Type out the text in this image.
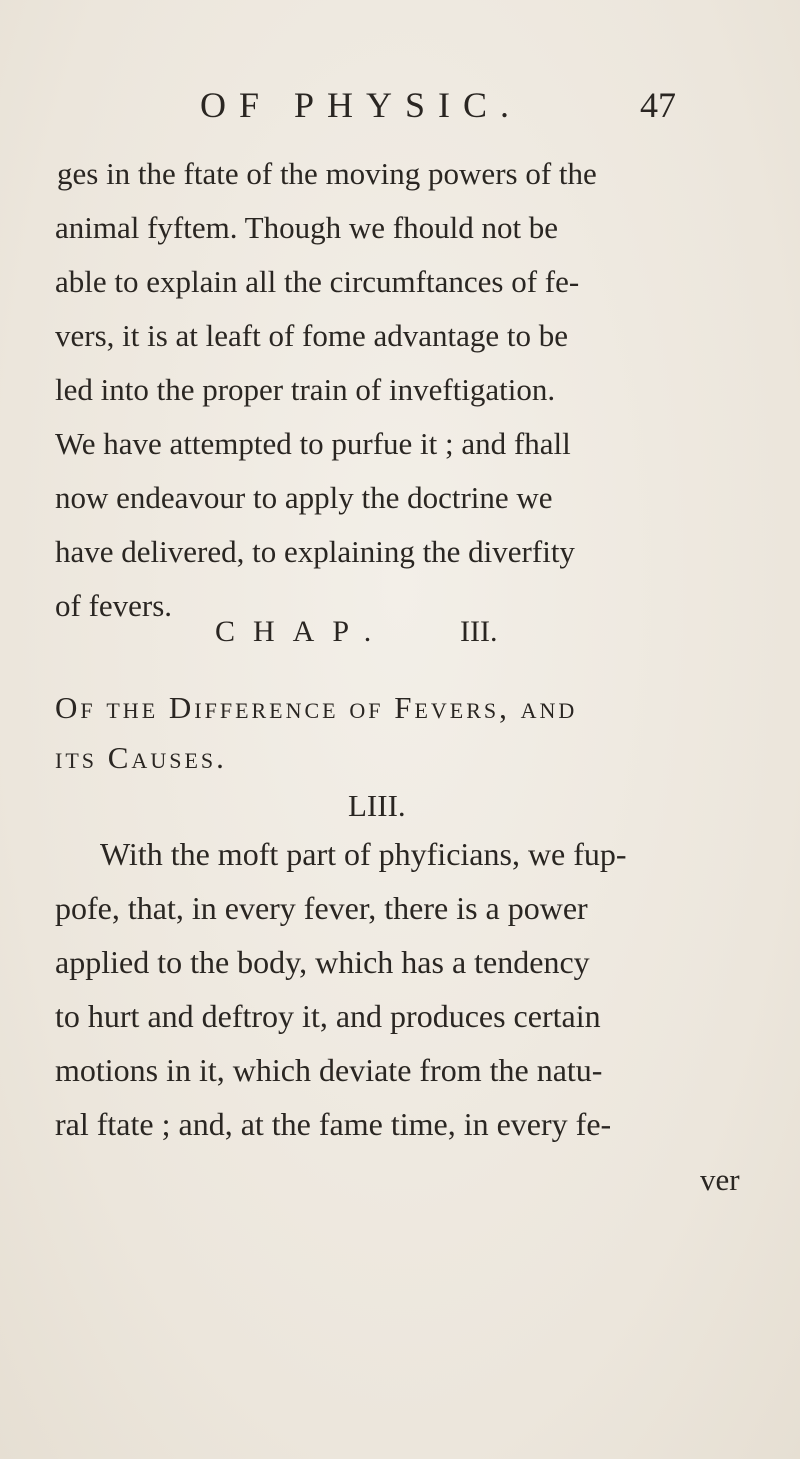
OF PHYSIC.	47
ges in the ftate of the moving powers of the
animal fyftem. Though we fhould not be
able to explain all the circumftances of fe-
vers, it is at leaft of fome advantage to be
led into the proper train of inveftigation.
We have attempted to purfue it ; and fhall
now endeavour to apply the doctrine we
have delivered, to explaining the diverfity
of fevers.
CHAP. III.
Of the Difference of Fevers, and
its Causes.
LIII.
With the moft part of phyficians, we fup-
pofe, that, in every fever, there is a power
applied to the body, which has a tendency
to hurt and deftroy it, and produces certain
motions in it, which deviate from the natu-
ral ftate ; and, at the fame time, in every fe-
ver
